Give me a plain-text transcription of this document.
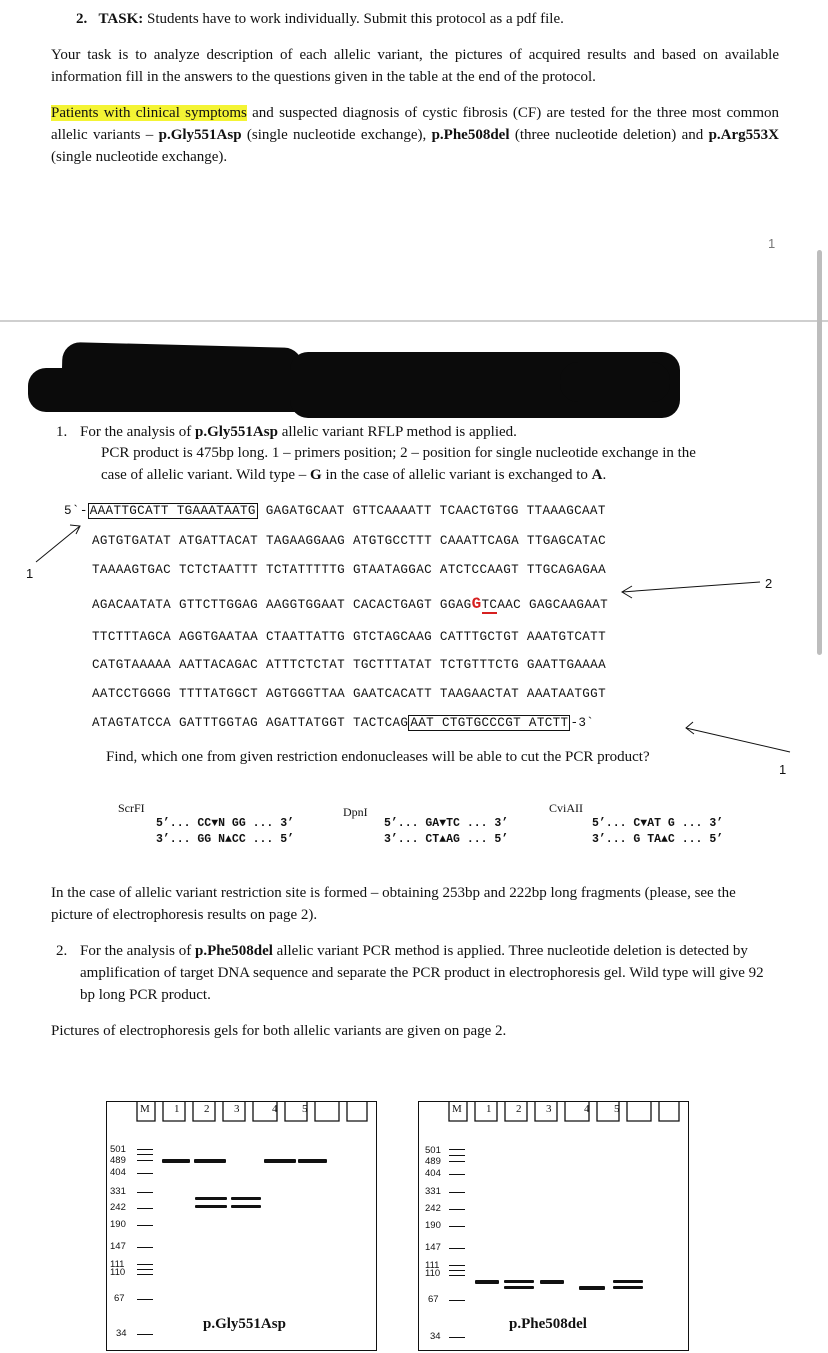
2. TASK: Students have to work individually. Submit this protocol as a pdf file.
Your task is to analyze description of each allelic variant, the pictures of acquired results and based on available information fill in the answers to the questions given in the table at the end of the protocol.
Patients with clinical symptoms and suspected diagnosis of cystic fibrosis (CF) are tested for the three most common allelic variants – p.Gly551Asp (single nucleotide exchange), p.Phe508del (three nucleotide deletion) and p.Arg553X (single nucleotide exchange).
1
1. For the analysis of p.Gly551Asp allelic variant RFLP method is applied.
PCR product is 475bp long. 1 – primers position; 2 – position for single nucleotide exchange in the
case of allelic variant. Wild type – G in the case of allelic variant is exchanged to A.
5`- AAATTGCATT TGAAATAATG GAGATGCAAT GTTCAAAATT TCAACTGTGG TTAAAGCAAT
AGTGTGATAT ATGATTACAT TAGAAGGAAG ATGTGCCTTT CAAATTCAGA TTGAGCATAC
TAAAAGTGAC TCTCTAATTT TCTATTTTTG GTAATAGGAC ATCTCCAAGT TTGCAGAGAA
AGACAATATA GTTCTTGGAG AAGGTGGAAT CACACTGAGT GGAGGTCAAC GAGCAAGAAT
TTCTTTAGCA AGGTGAATAA CTAATTATTG GTCTAGCAAG CATTTGCTGT AAATGTCATT
CATGTAAAAA AATTACAGAC ATTTCTCTAT TGCTTTATAT TCTGTTTCTG GAATTGAAAA
AATCCTGGGG TTTTATGGCT AGTGGGTTAA GAATCACATT TAAGAACTAT AAATAATGGT
ATAGTATCCA GATTTGGTAG AGATTATGGT TACTCAG AAT CTGTGCCCGT ATCTT -3`
1
2
1
Find, which one from given restriction endonucleases will be able to cut the PCR product?
ScrFI
5’... CC▼N GG ... 3’
3’... GG N▲CC ... 5’
DpnI
5’... GA▼TC ... 3’
3’... CT▲AG ... 5’
CviAII
5’... C▼AT G ... 3’
3’... G TA▲C ... 5’
In the case of allelic variant restriction site is formed – obtaining 253bp and 222bp long fragments (please, see the picture of electrophoresis results on page 2).
2. For the analysis of p.Phe508del allelic variant PCR method is applied. Three nucleotide deletion is detected by amplification of target DNA sequence and separate the PCR product in electrophoresis gel. Wild type will give 92 bp long PCR product.
Pictures of electrophoresis gels for both allelic variants are given on page 2.
M 1 2 3	4 5
501
489
404
331
242
190
147
111
110
67
34
p.Gly551Asp
M 1 2 3	4 5
501
489
404
331
242
190
147
111
110
67
34
p.Phe508del
